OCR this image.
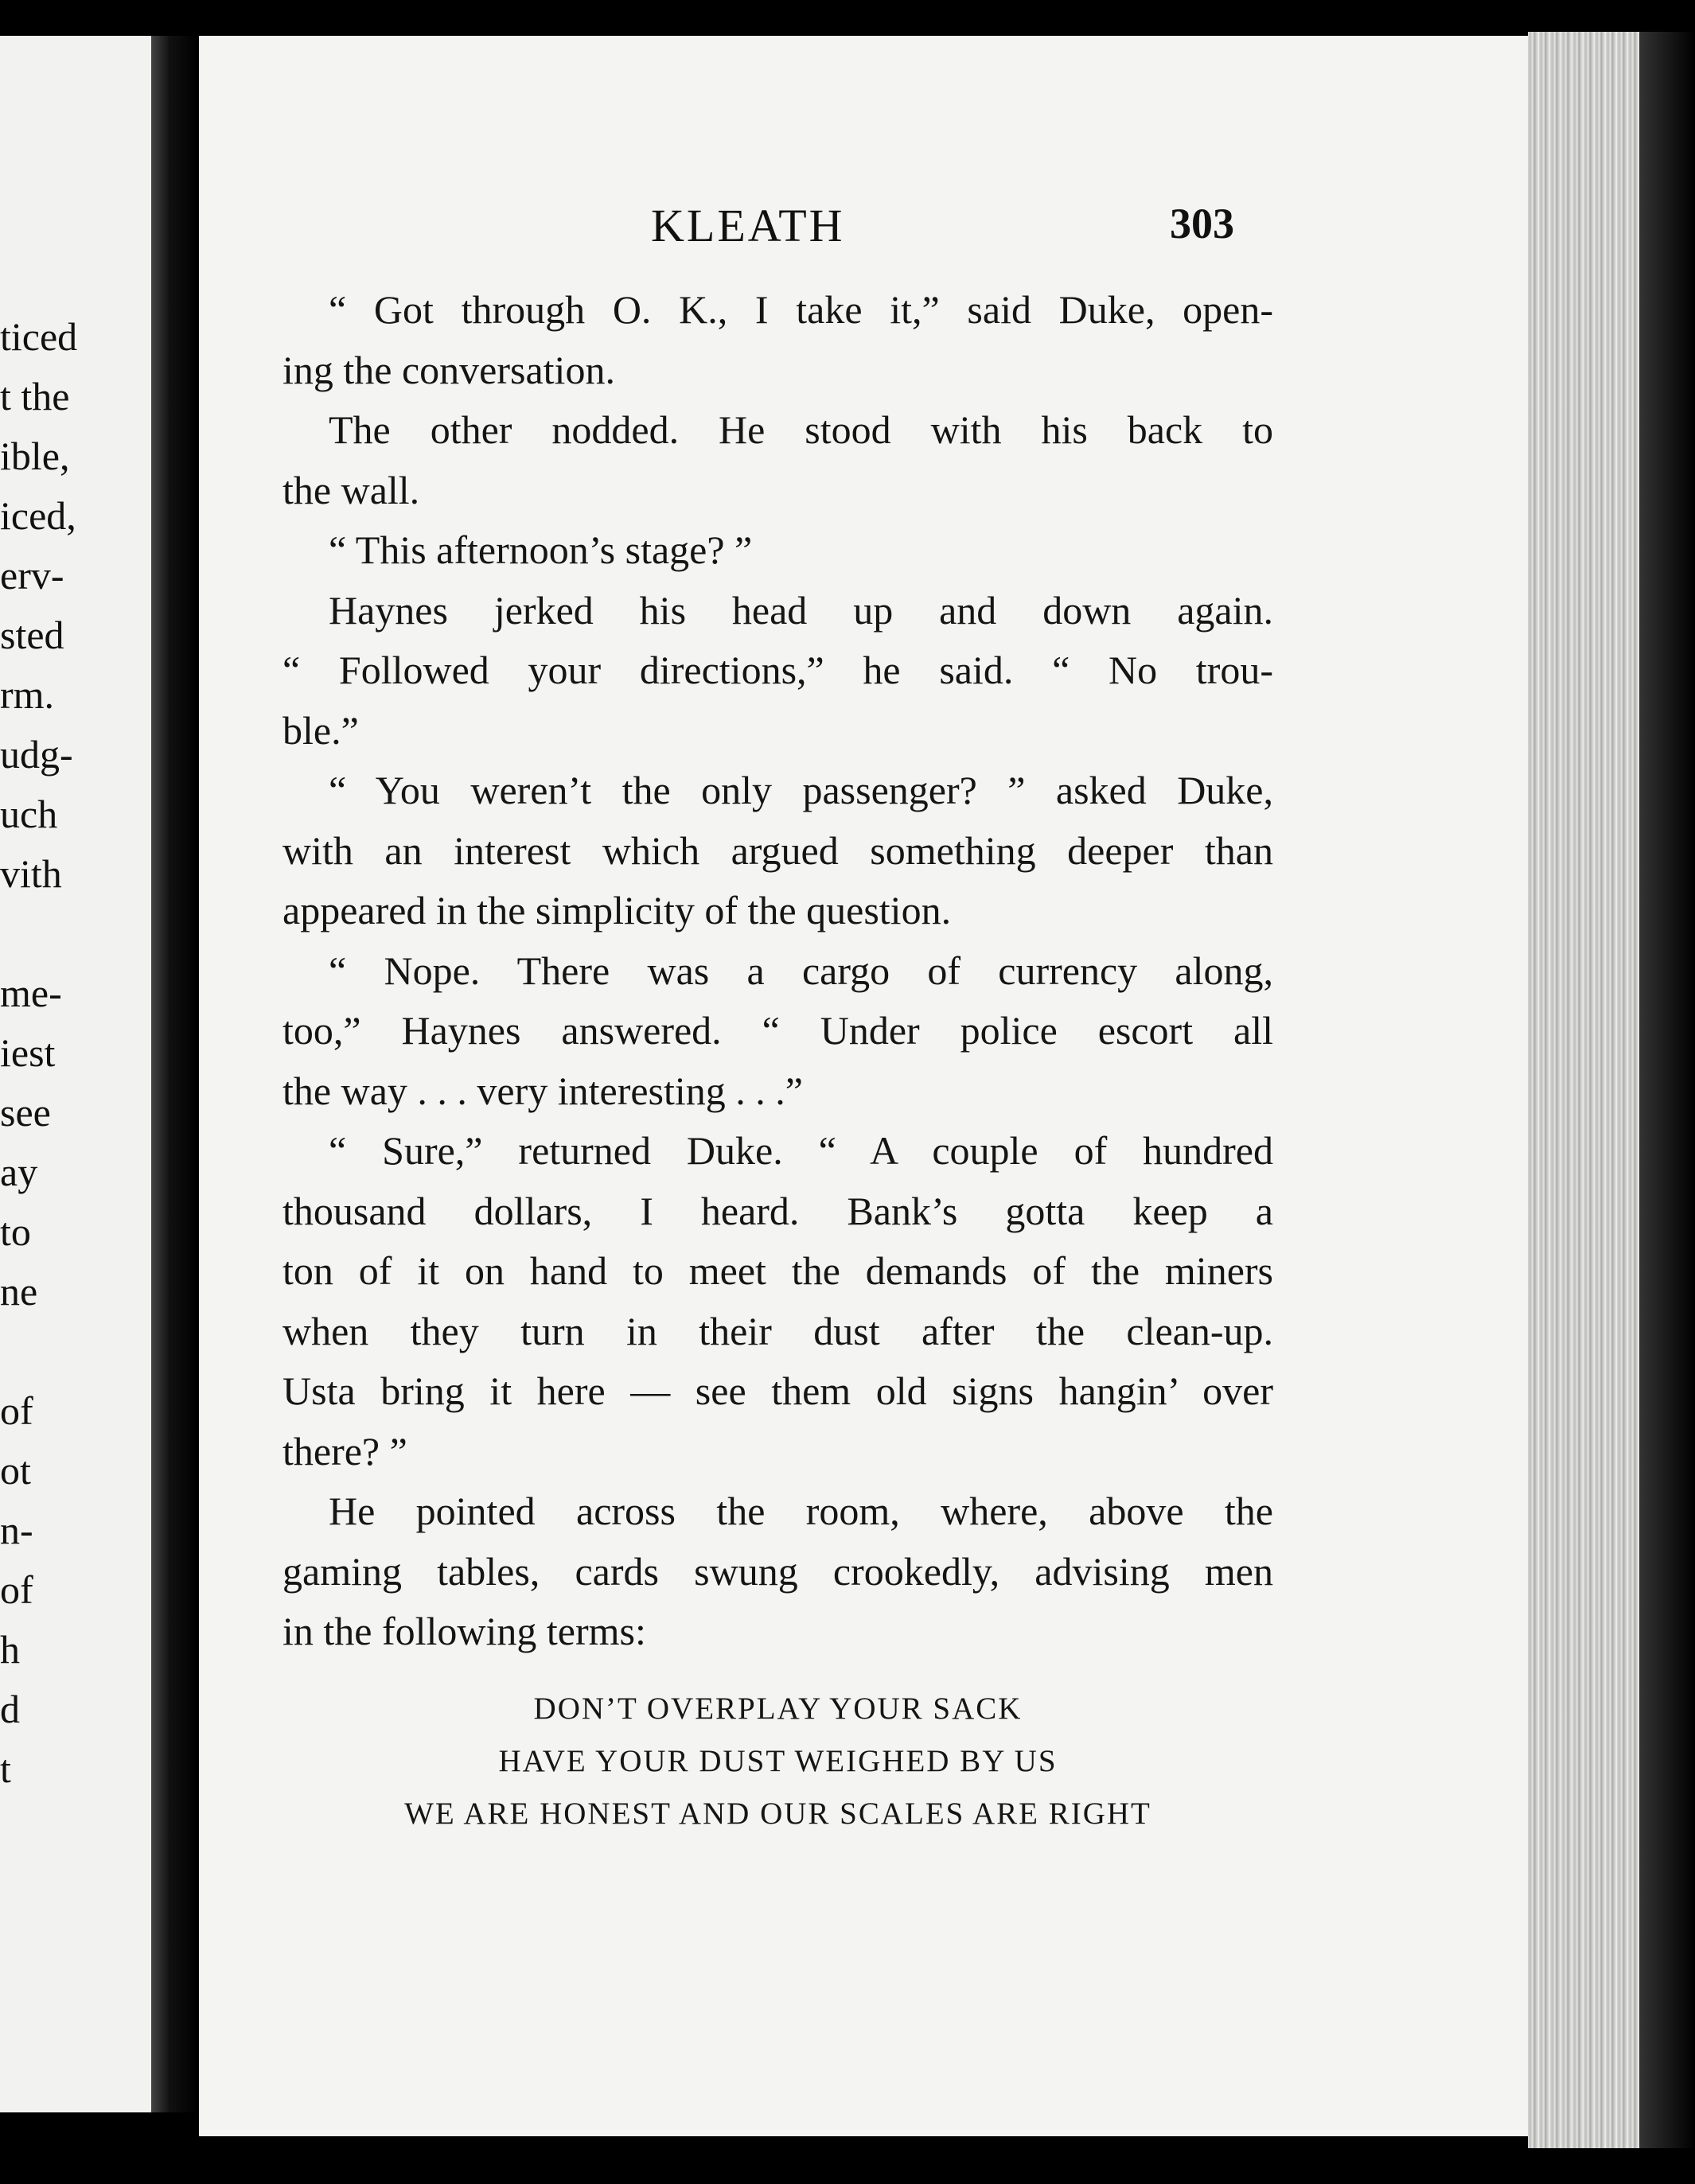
ticed
t the
ible,
iced,
erv-
sted
rm.
udg-
uch
vith
me-
iest
see
ay
to
ne
of
ot
n-
of
h
d
t
KLEATH	303
“ Got through O. K., I take it,” said Duke, open-
ing the conversation.
The other nodded. He stood with his back to
the wall.
“ This afternoon’s stage? ”
Haynes jerked his head up and down again.
“ Followed your directions,” he said. “ No trou-
ble.”
“ You weren’t the only passenger? ” asked Duke,
with an interest which argued something deeper than
appeared in the simplicity of the question.
“ Nope. There was a cargo of currency along,
too,” Haynes answered. “ Under police escort all
the way . . . very interesting . . .”
“ Sure,” returned Duke. “ A couple of hundred
thousand dollars, I heard. Bank’s gotta keep a
ton of it on hand to meet the demands of the miners
when they turn in their dust after the clean-up.
Usta bring it here — see them old signs hangin’ over
there? ”
He pointed across the room, where, above the
gaming tables, cards swung crookedly, advising men
in the following terms:
DON’T OVERPLAY YOUR SACK
HAVE YOUR DUST WEIGHED BY US
WE ARE HONEST AND OUR SCALES ARE RIGHT
